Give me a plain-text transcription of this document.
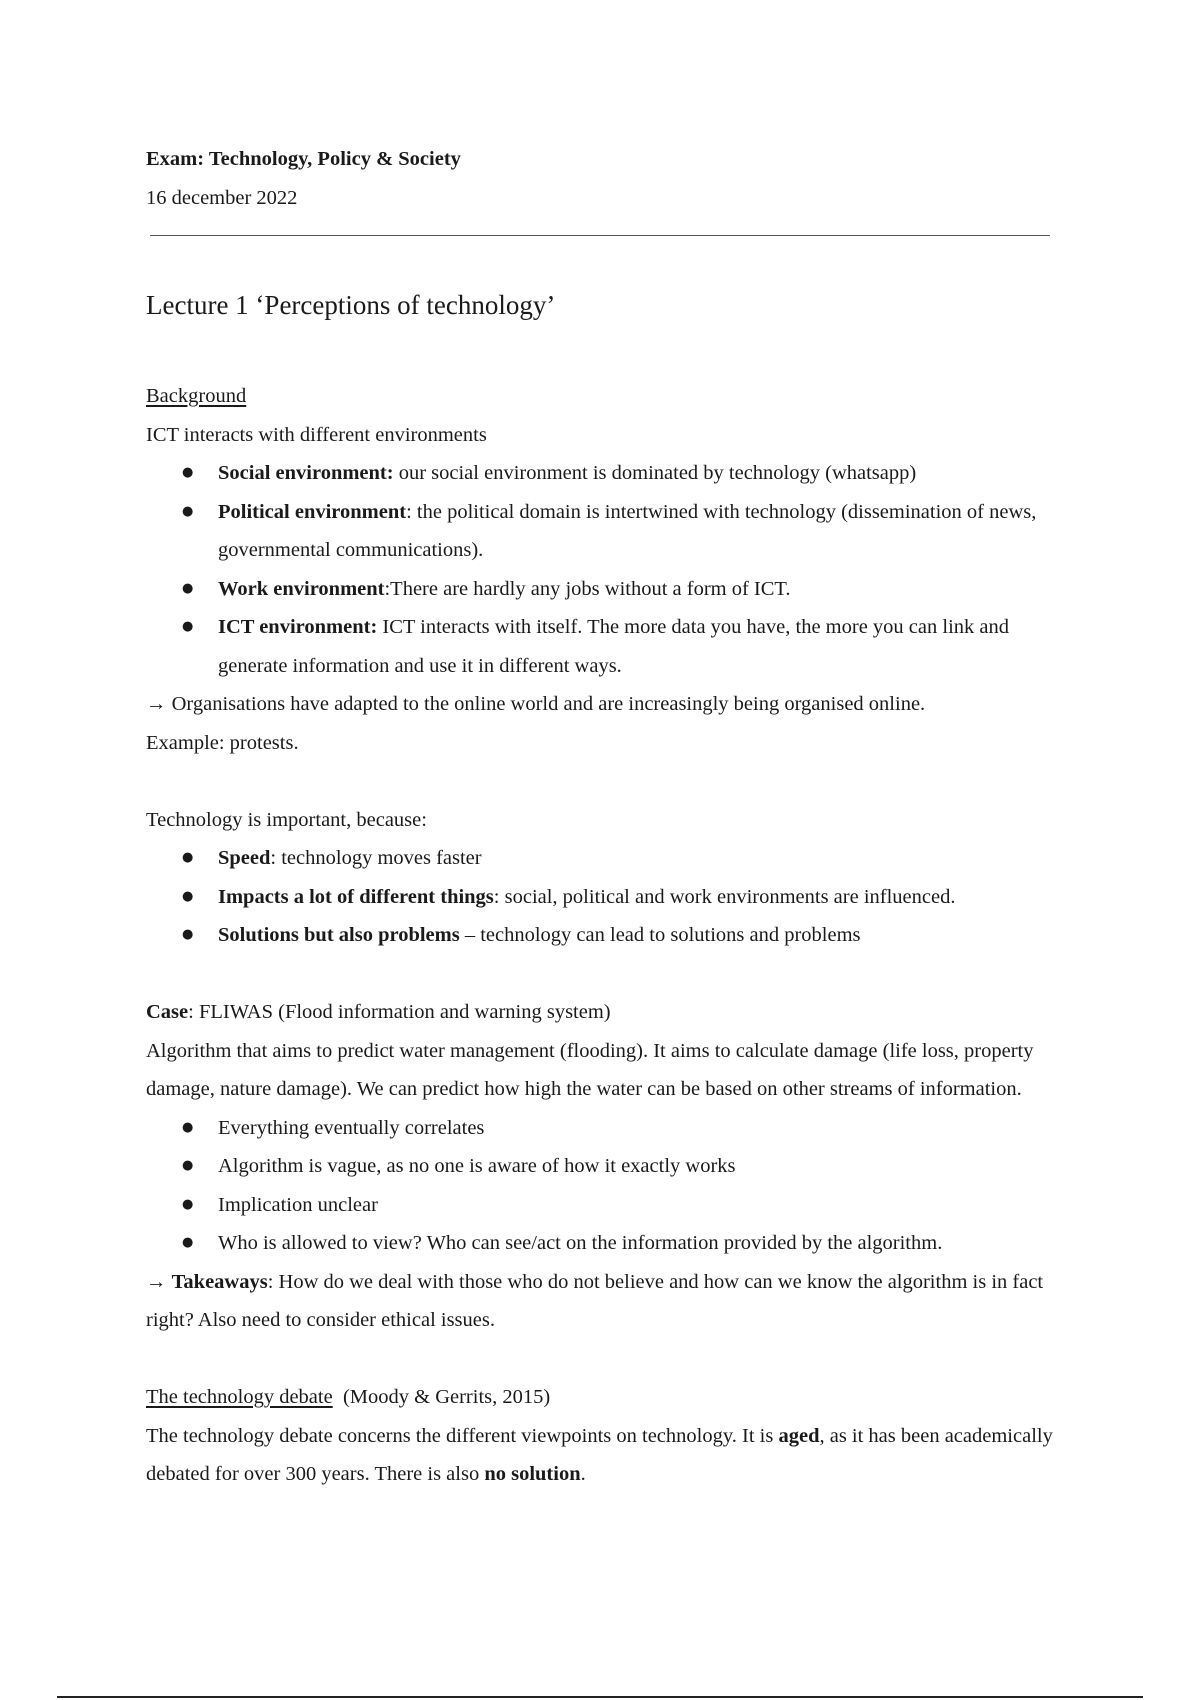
Exam: Technology, Policy & Society

16 december 2022

Lecture 1 ‘Perceptions of technology’

Background

ICT interacts with different environments

● Social environment: our social environment is dominated by technology (whatsapp)
● Political environment: the political domain is intertwined with technology (dissemination of news, governmental communications).
● Work environment:There are hardly any jobs without a form of ICT.
● ICT environment: ICT interacts with itself. The more data you have, the more you can link and generate information and use it in different ways.

→ Organisations have adapted to the online world and are increasingly being organised online.

Example: protests.

Technology is important, because:

● Speed: technology moves faster
● Impacts a lot of different things: social, political and work environments are influenced.
● Solutions but also problems – technology can lead to solutions and problems

Case: FLIWAS (Flood information and warning system)

Algorithm that aims to predict water management (flooding). It aims to calculate damage (life loss, property damage, nature damage). We can predict how high the water can be based on other streams of information.

● Everything eventually correlates
● Algorithm is vague, as no one is aware of how it exactly works
● Implication unclear
● Who is allowed to view? Who can see/act on the information provided by the algorithm.

→ Takeaways: How do we deal with those who do not believe and how can we know the algorithm is in fact right? Also need to consider ethical issues.

The technology debate  (Moody & Gerrits, 2015)

The technology debate concerns the different viewpoints on technology. It is aged, as it has been academically debated for over 300 years. There is also no solution.
